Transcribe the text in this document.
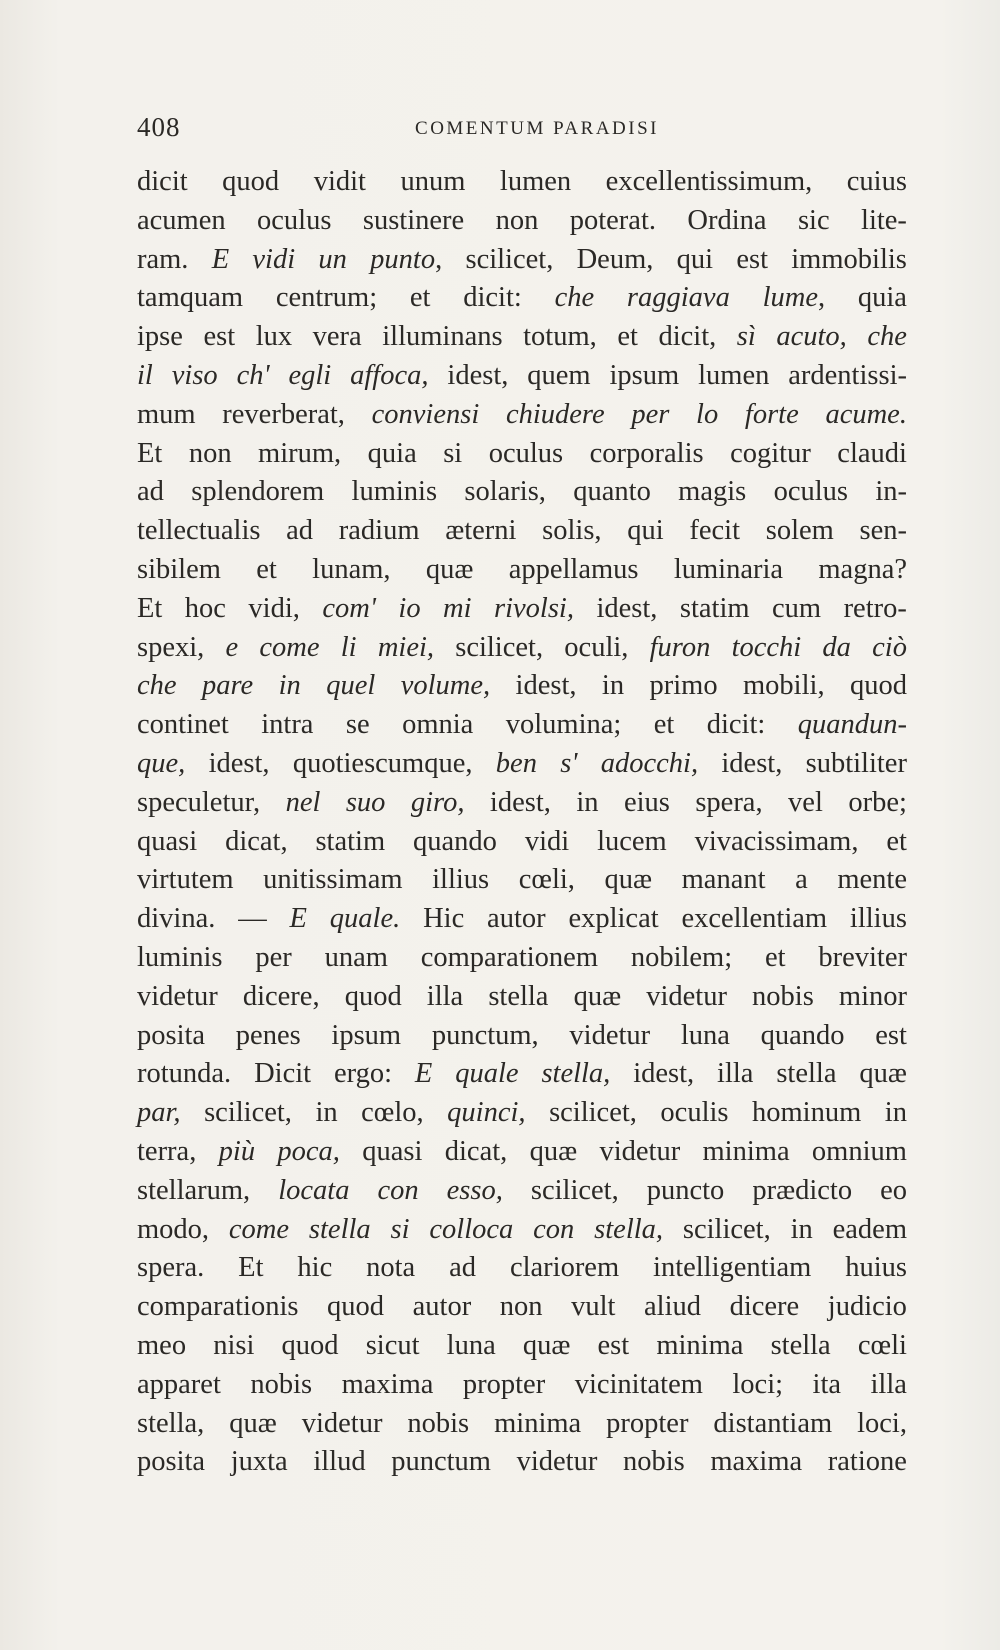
408	COMENTUM PARADISI
dicit quod vidit unum lumen excellentissimum, cuius
acumen oculus sustinere non poterat. Ordina sic lite-
ram. E vidi un punto, scilicet, Deum, qui est immobilis
tamquam centrum; et dicit: che raggiava lume, quia
ipse est lux vera illuminans totum, et dicit, sì acuto, che
il viso ch' egli affoca, idest, quem ipsum lumen ardentissi-
mum reverberat, conviensi chiudere per lo forte acume.
Et non mirum, quia si oculus corporalis cogitur claudi
ad splendorem luminis solaris, quanto magis oculus in-
tellectualis ad radium æterni solis, qui fecit solem sen-
sibilem et lunam, quæ appellamus luminaria magna?
Et hoc vidi, com' io mi rivolsi, idest, statim cum retro-
spexi, e come li miei, scilicet, oculi, furon tocchi da ciò
che pare in quel volume, idest, in primo mobili, quod
continet intra se omnia volumina; et dicit: quandun-
que, idest, quotiescumque, ben s' adocchi, idest, subtiliter
speculetur, nel suo giro, idest, in eius spera, vel orbe;
quasi dicat, statim quando vidi lucem vivacissimam, et
virtutem unitissimam illius cœli, quæ manant a mente
divina. — E quale. Hic autor explicat excellentiam illius
luminis per unam comparationem nobilem; et breviter
videtur dicere, quod illa stella quæ videtur nobis minor
posita penes ipsum punctum, videtur luna quando est
rotunda. Dicit ergo: E quale stella, idest, illa stella quæ
par, scilicet, in cœlo, quinci, scilicet, oculis hominum in
terra, più poca, quasi dicat, quæ videtur minima omnium
stellarum, locata con esso, scilicet, puncto prædicto eo
modo, come stella si colloca con stella, scilicet, in eadem
spera. Et hic nota ad clariorem intelligentiam huius
comparationis quod autor non vult aliud dicere judicio
meo nisi quod sicut luna quæ est minima stella cœli
apparet nobis maxima propter vicinitatem loci; ita illa
stella, quæ videtur nobis minima propter distantiam loci,
posita juxta illud punctum videtur nobis maxima ratione
